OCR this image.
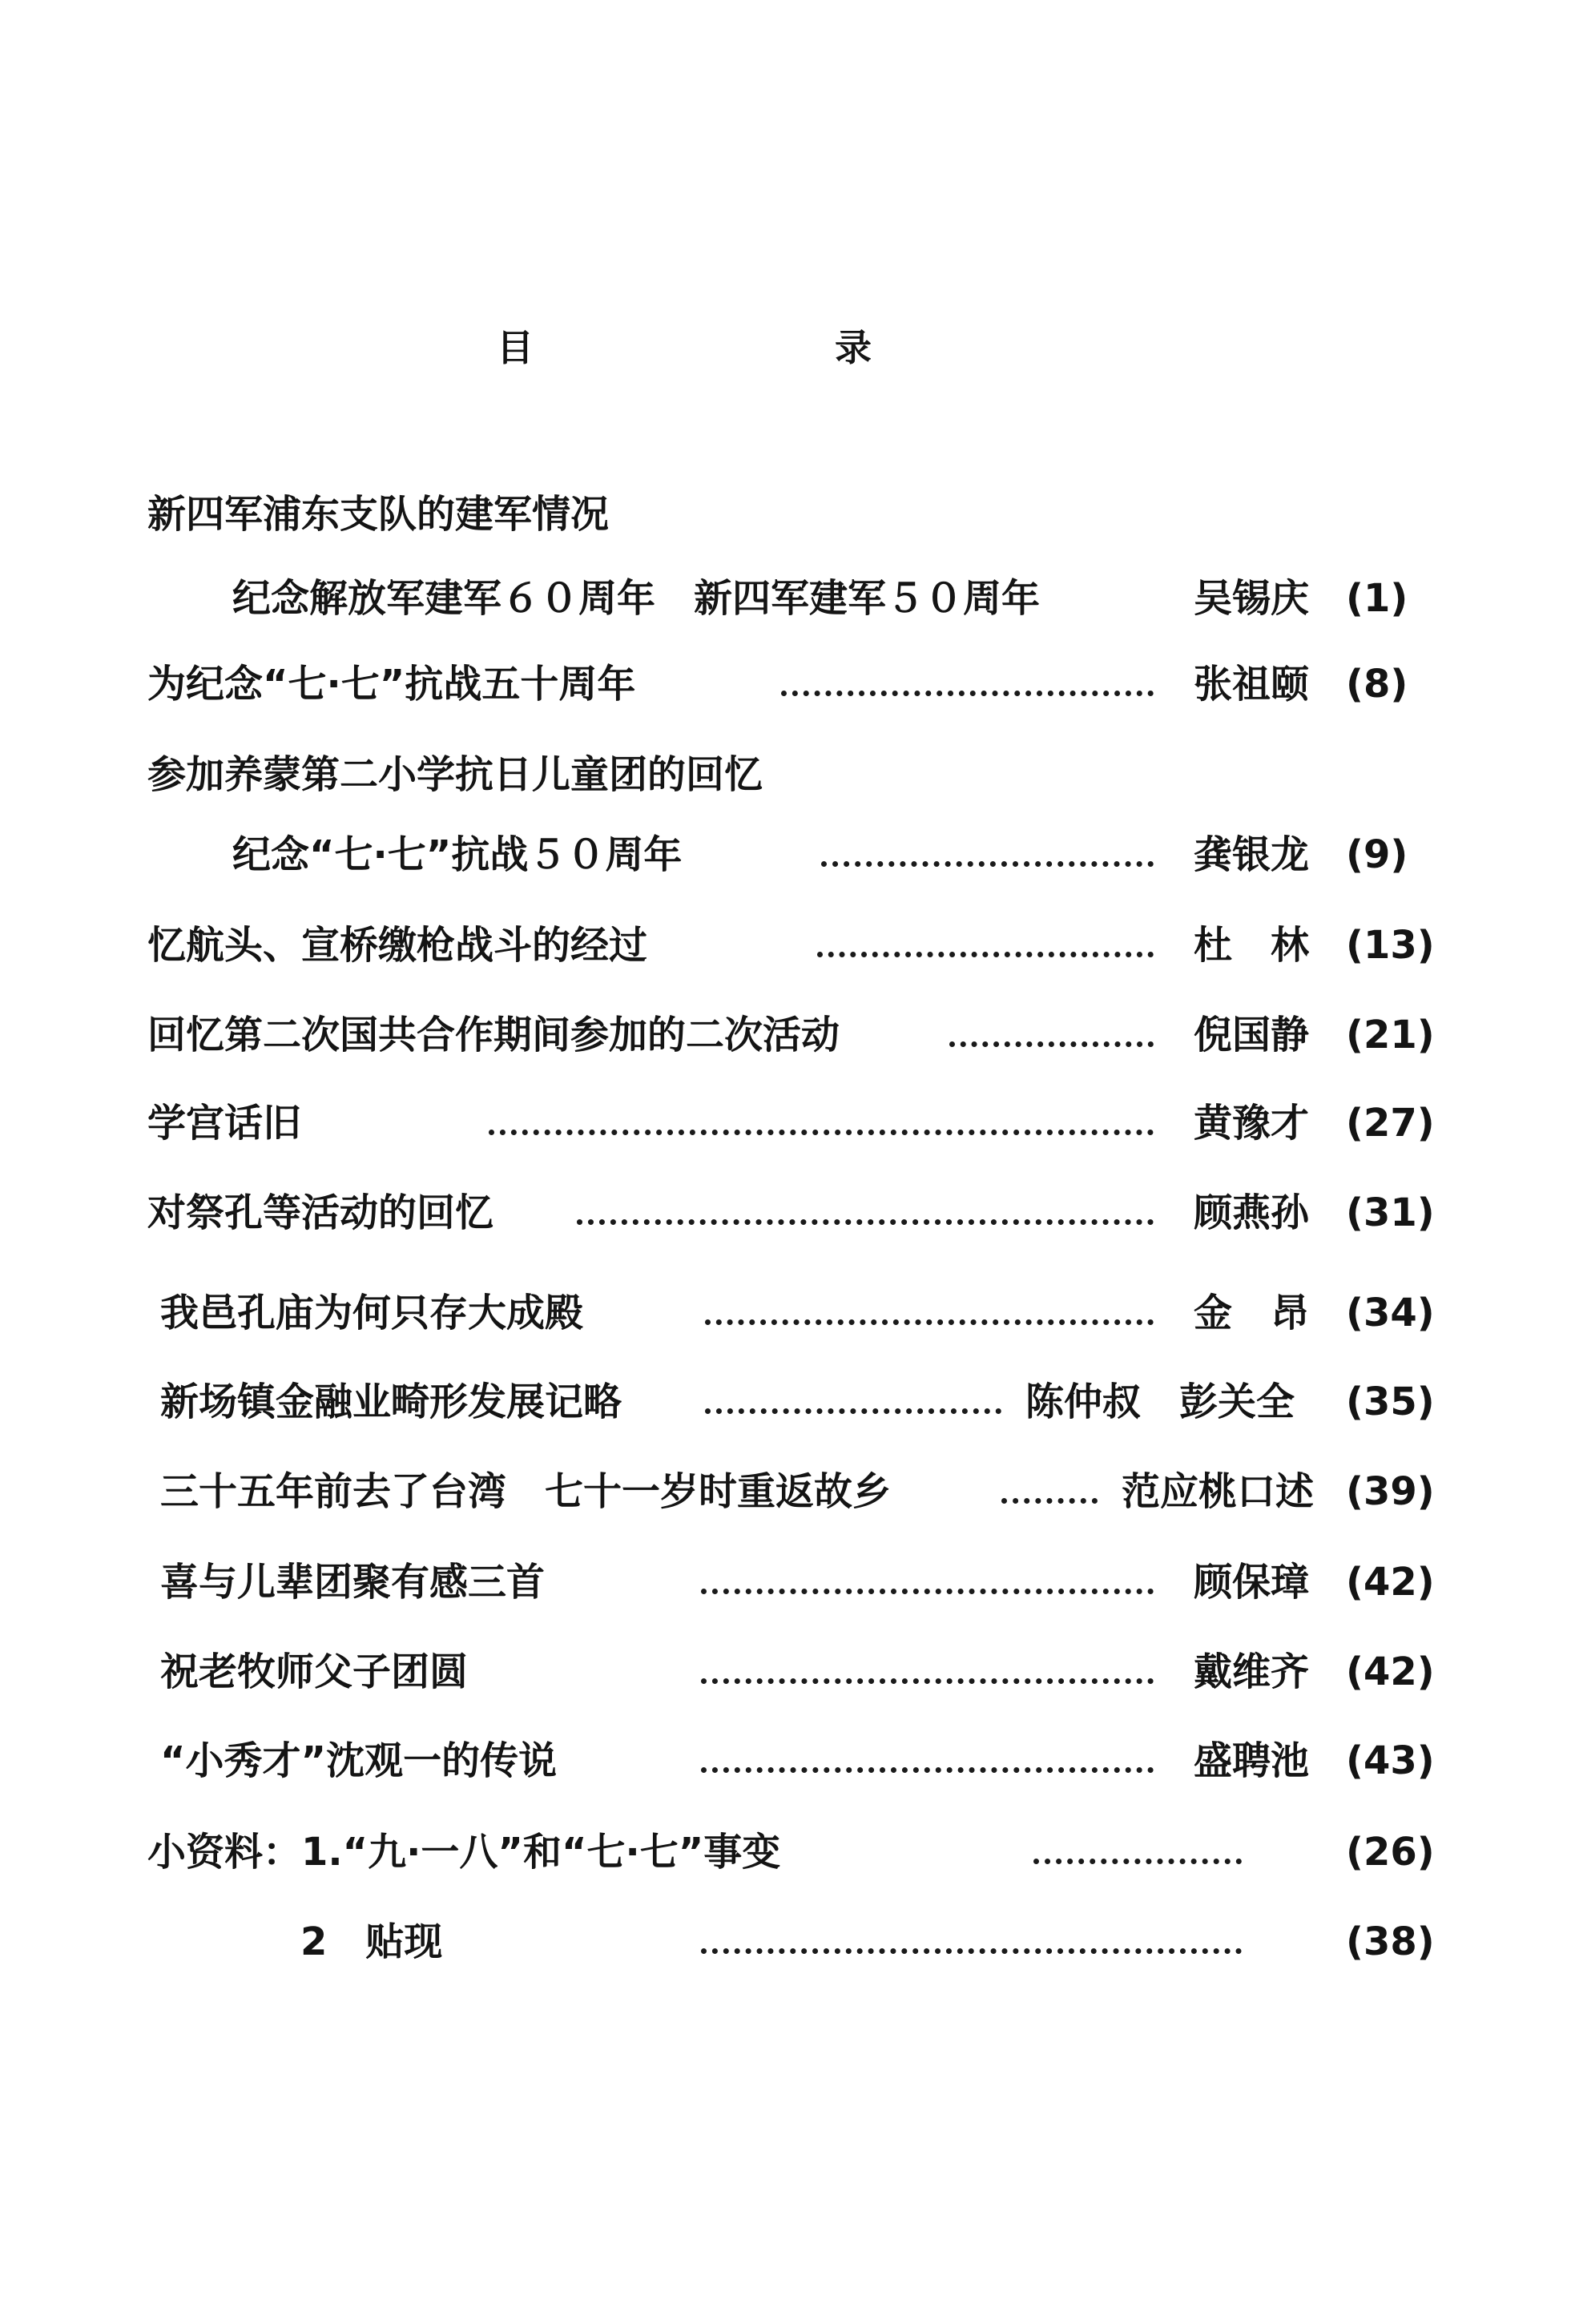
目	录
新四军浦东支队的建军情况
纪念解放军建军６０周年　新四军建军５０周年	吴锡庆 (1)
为纪念“七·七”抗战五十周年	张祖颐 (8)
参加养蒙第二小学抗日儿童团的回忆
纪念“七·七”抗战５０周年	龚银龙 (9)
忆航头、宣桥缴枪战斗的经过	杜　林 (13)
回忆第二次国共合作期间参加的二次活动	倪国静 (21)
学宫话旧	黄豫才 (27)
对祭孔等活动的回忆	顾燕孙 (31)
我邑孔庙为何只存大成殿	金　昂 (34)
新场镇金融业畸形发展记略	陈仲叔　彭关全 (35)
三十五年前去了台湾　七十一岁时重返故乡	范应桃口述 (39)
喜与儿辈团聚有感三首	顾保璋 (42)
祝老牧师父子团圆	戴维齐 (42)
“小秀才”沈观一的传说	盛聘池 (43)
小资料：1.“九·一八”和“七·七”事变	(26)
2　贴现	(38)
